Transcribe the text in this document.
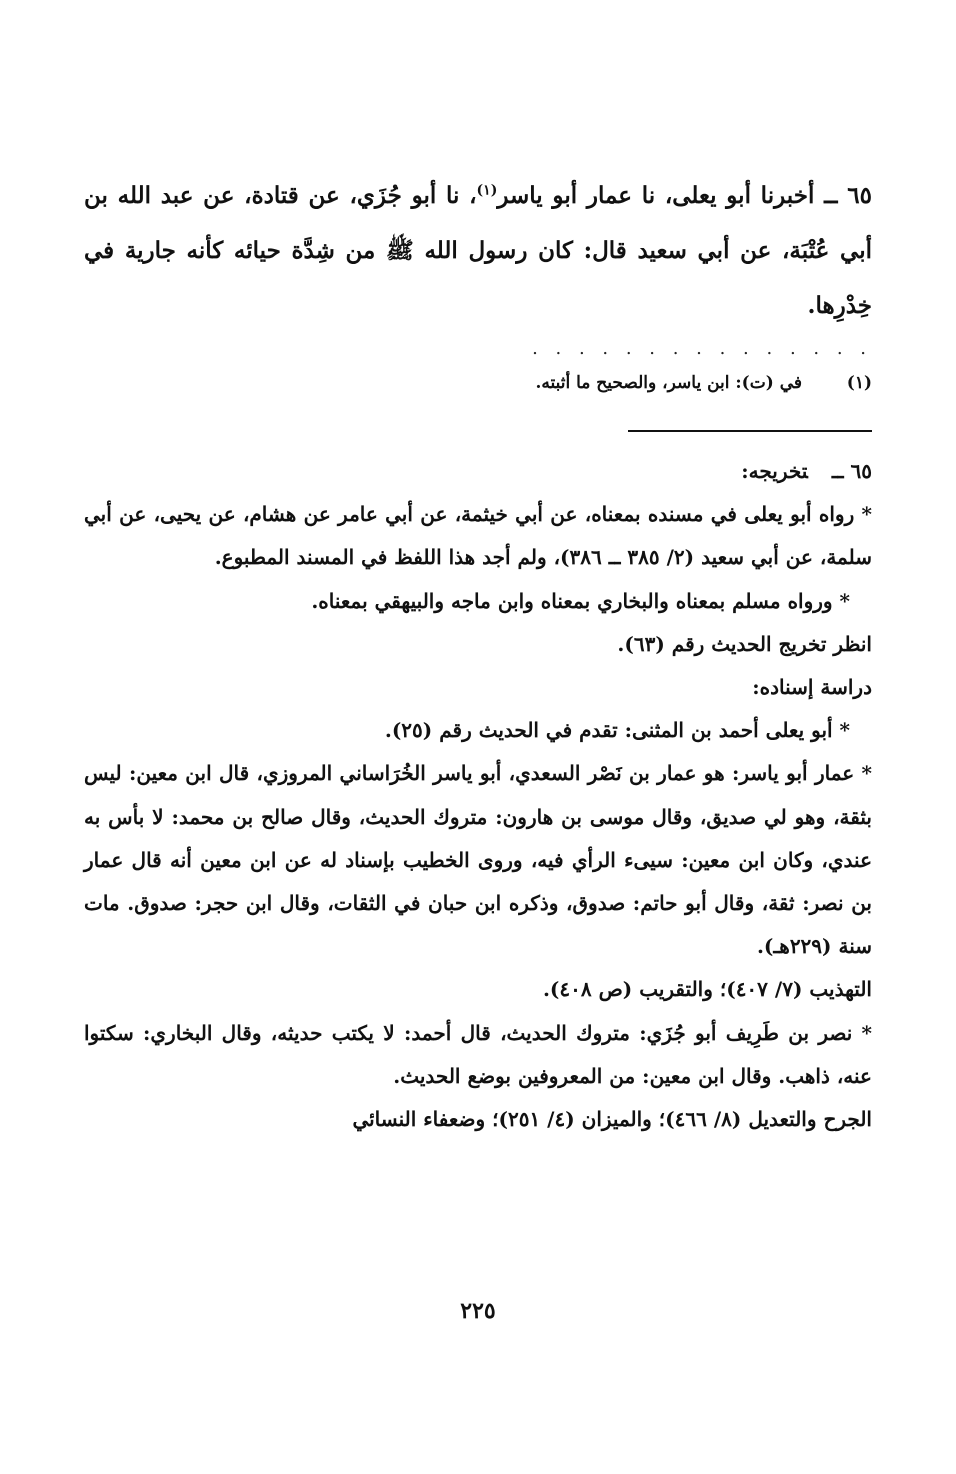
٦٥ ــ أخبرنا أبو يعلى، نا عمار أبو ياسر$^{(١)}$، نا أبو جُزَي، عن قتادة، عن عبد الله بن أبي عُتْبَة، عن أبي سعيد قال: كان رسول الله ﷺ من شِدَّة حيائه كأنه جارية في خِدْرِها.

. . . . . . . . . . . . . . .
(١)في (ت): ابن ياسر، والصحيح ما أثبته.

٦٥ ــتخريجه:

* رواه أبو يعلى في مسنده بمعناه، عن أبي خيثمة، عن أبي عامر عن هشام، عن يحيى، عن أبي سلمة، عن أبي سعيد (٢/ ٣٨٥ ــ ٣٨٦)، ولم أجد هذا اللفظ في المسند المطبوع.

* ورواه مسلم بمعناه والبخاري بمعناه وابن ماجه والبيهقي بمعناه.

انظر تخريج الحديث رقم (٦٣).

دراسة إسناده:

* أبو يعلى أحمد بن المثنى: تقدم في الحديث رقم (٢٥).

* عمار أبو ياسر: هو عمار بن نَصْر السعدي، أبو ياسر الخُرَاساني المروزي، قال ابن معين: ليس بثقة، وهو لي صديق، وقال موسى بن هارون: متروك الحديث، وقال صالح بن محمد: لا بأس به عندي، وكان ابن معين: سيىء الرأي فيه، وروى الخطيب بإسناد له عن ابن معين أنه قال عمار بن نصر: ثقة، وقال أبو حاتم: صدوق، وذكره ابن حبان في الثقات، وقال ابن حجر: صدوق. مات سنة (٢٢٩هـ).

التهذيب (٧/ ٤٠٧)؛ والتقريب (ص ٤٠٨).

* نصر بن طَرِيف أبو جُزَي: متروك الحديث، قال أحمد: لا يكتب حديثه، وقال البخاري: سكتوا عنه، ذاهب. وقال ابن معين: من المعروفين بوضع الحديث.

الجرح والتعديل (٨/ ٤٦٦)؛ والميزان (٤/ ٢٥١)؛ وضعفاء النسائي

٢٢٥
